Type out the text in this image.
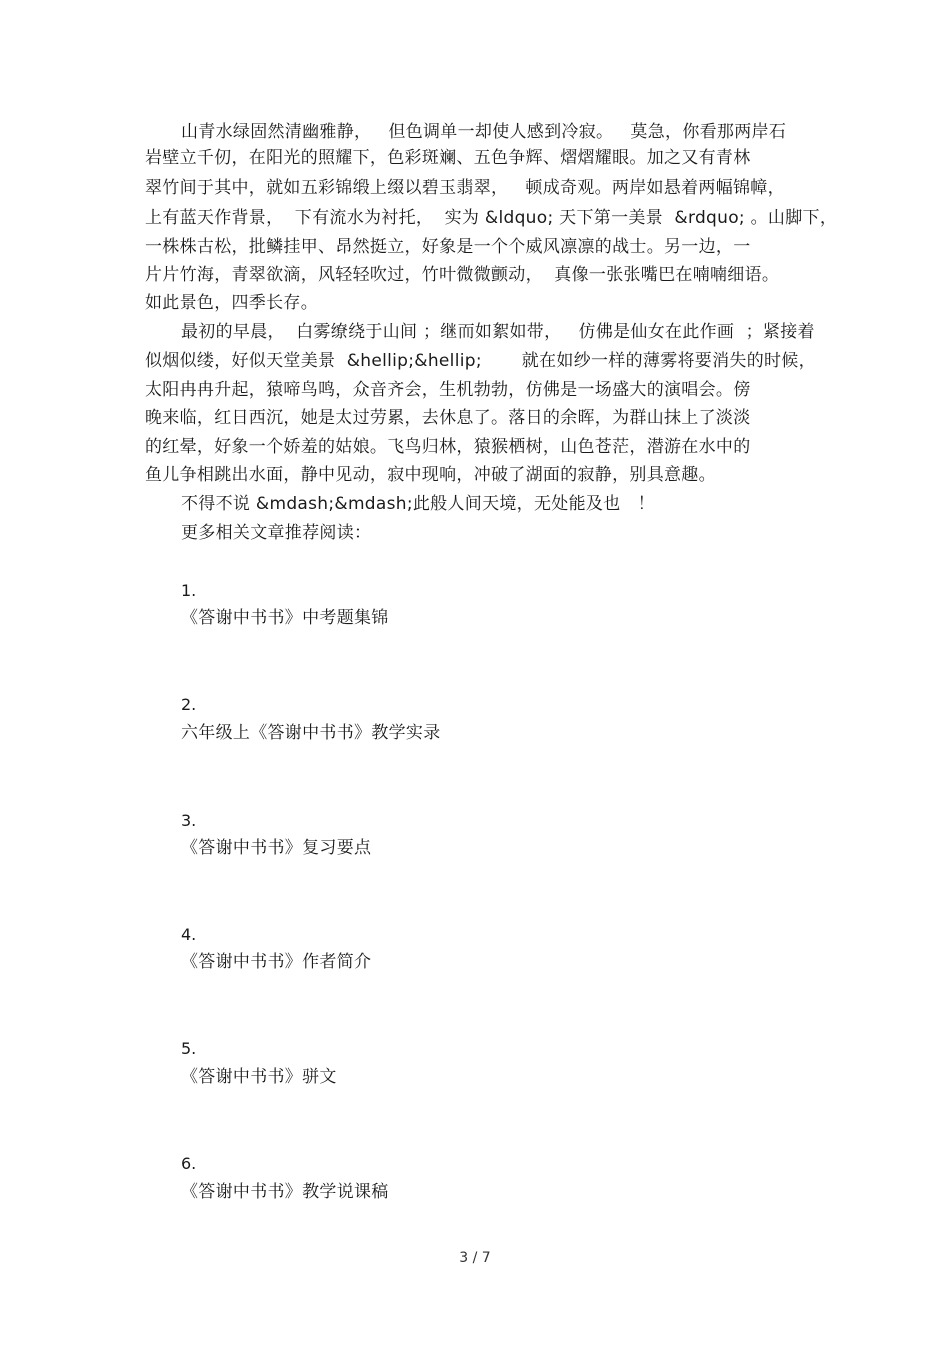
山青水绿固然清幽雅静，   但色调单一却使人感到冷寂。   莫急，你看那两岸石
岩壁立千仞，在阳光的照耀下，色彩斑斓、五色争辉、熠熠耀眼。加之又有青林
翠竹间于其中，就如五彩锦缎上缀以碧玉翡翠，   顿成奇观。两岸如悬着两幅锦幛，
上有蓝天作背景，  下有流水为衬托，  实为 &ldquo; 天下第一美景  &rdquo; 。山脚下，
一株株古松，批鳞挂甲、昂然挺立，好象是一个个威风凛凛的战士。另一边，一
片片竹海，青翠欲滴，风轻轻吹过，竹叶微微颤动，  真像一张张嘴巴在喃喃细语。
如此景色，四季长存。
最初的早晨，  白雾缭绕于山间 ；继而如絮如带，   仿佛是仙女在此作画  ；紧接着
似烟似缕，好似天堂美景  &hellip;&hellip;       就在如纱一样的薄雾将要消失的时候，
太阳冉冉升起，猿啼鸟鸣，众音齐会，生机勃勃，仿佛是一场盛大的演唱会。傍
晚来临，红日西沉，她是太过劳累，去休息了。落日的余晖，为群山抹上了淡淡
的红晕，好象一个娇羞的姑娘。飞鸟归林，猿猴栖树，山色苍茫，潜游在水中的
鱼儿争相跳出水面，静中见动，寂中现响，冲破了湖面的寂静，别具意趣。
不得不说 &mdash;&mdash;此般人间天境，无处能及也   ！
更多相关文章推荐阅读：
1.
《答谢中书书》中考题集锦
2.
六年级上《答谢中书书》教学实录
3.
《答谢中书书》复习要点
4.
《答谢中书书》作者简介
5.
《答谢中书书》骈文
6.
《答谢中书书》教学说课稿
3 / 7
